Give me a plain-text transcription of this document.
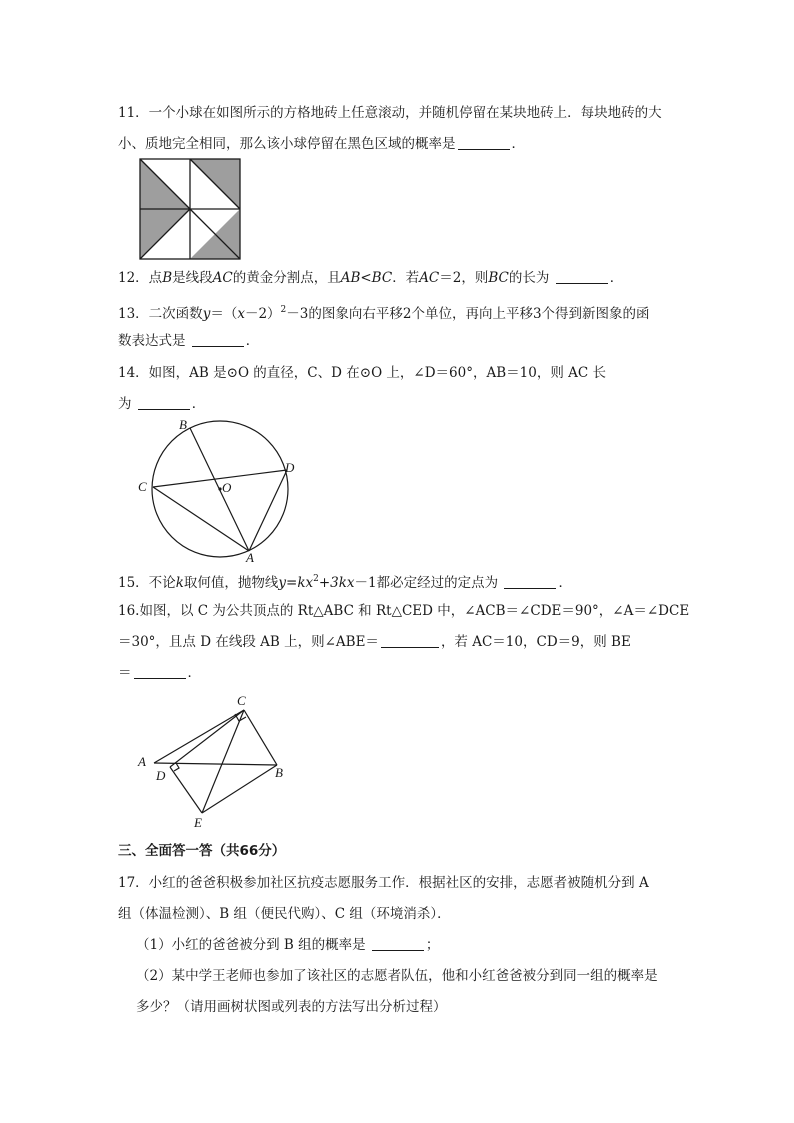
11．一个小球在如图所示的方格地砖上任意滚动，并随机停留在某块地砖上．每块地砖的大
小、质地完全相同，那么该小球停留在黑色区域的概率是	．
12．点B是线段AC的黄金分割点，且AB<BC．若AC＝2，则BC的长为	．
13．二次函数$y=(x-2)^2-3$的图象向右平移2个单位，再向上平移3个得到新图象的函
数表达式是	．
14．如图，AB 是⊙O 的直径，C、D 在⊙O 上，∠D＝60°，AB＝10，则 AC 长
为	．
B
D
C	O
A
15．不论k取何值，抛物线$y=kx^2+3kx-1$都必定经过的定点为	．
16.如图，以 C 为公共顶点的 Rt△ABC 和 Rt△CED 中，∠ACB＝∠CDE＝90°，∠A＝∠DCE
＝30°，且点 D 在线段 AB 上，则∠ABE＝	，若 AC＝10，CD＝9，则 BE
＝	．
C
A
D	B
E
三、全面答一答（共66分）
17．小红的爸爸积极参加社区抗疫志愿服务工作．根据社区的安排，志愿者被随机分到 A
组（体温检测）、B 组（便民代购）、C 组（环境消杀）．
（1）小红的爸爸被分到 B 组的概率是	；
（2）某中学王老师也参加了该社区的志愿者队伍，他和小红爸爸被分到同一组的概率是
多少？（请用画树状图或列表的方法写出分析过程）
